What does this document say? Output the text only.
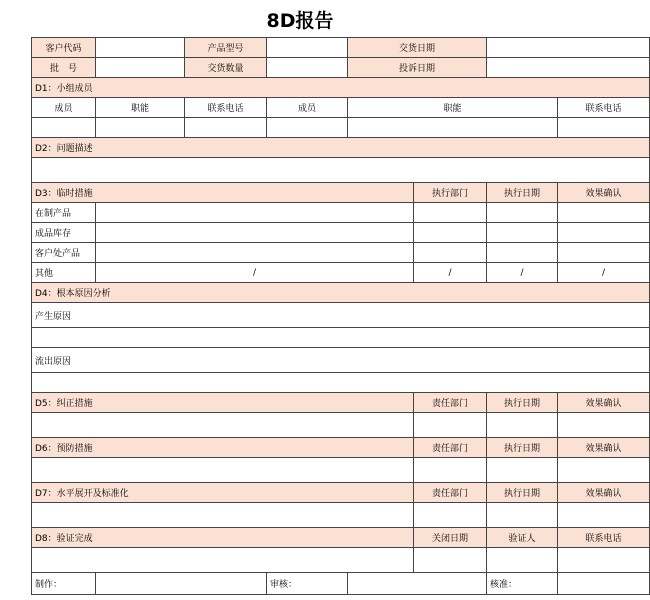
8D报告
客户代码		产品型号		交货日期			
批　号		交货数量		投诉日期			
D1：小组成员							
成员	职能	联系电话	成员	职能			联系电话

D2：问题描述							

D3：临时措施					执行部门	执行日期	效果确认
在制产品							
成品库存							
客户处产品							
其他	/				/	/	/
D4：根本原因分析							
产生原因							

流出原因							

D5：纠正措施					责任部门	执行日期	效果确认

D6：预防措施					责任部门	执行日期	效果确认

D7：水平展开及标准化					责任部门	执行日期	效果确认

D8：验证完成					关闭日期	验证人	联系电话

制作：			审核：			核准：	
